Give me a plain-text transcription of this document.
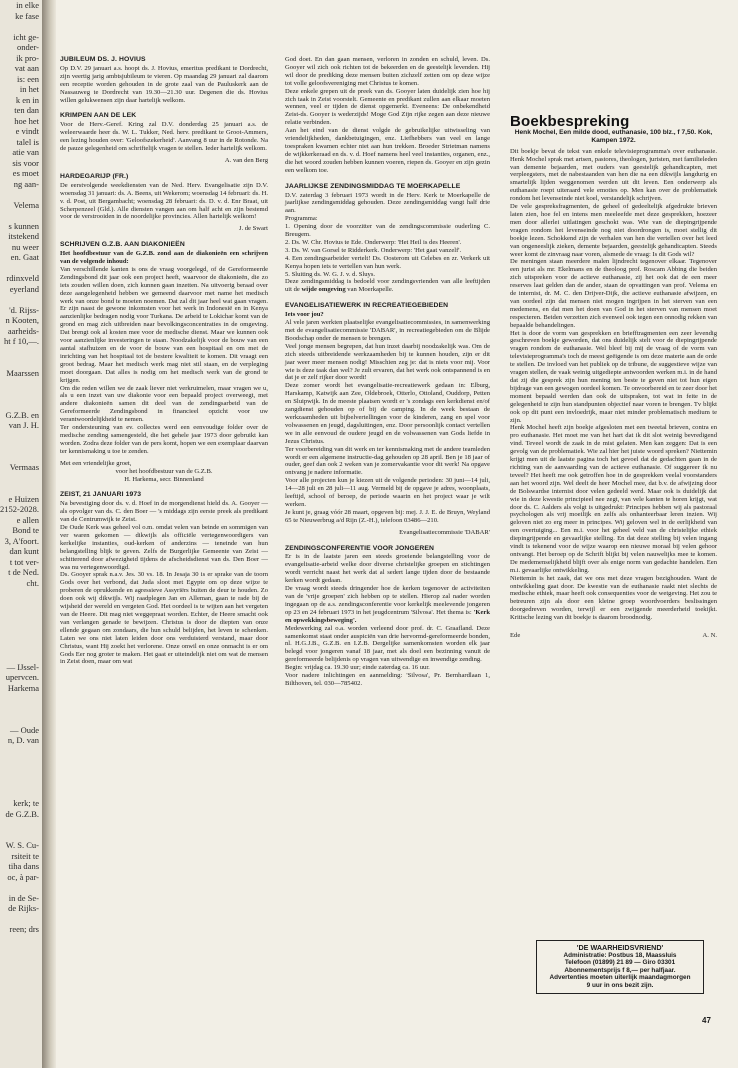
in elke
ke fase

icht ge-
onder-
ik pro-
vat aan
is: een
in het
k en in
ten dan
hoe het
e vindt
talel is
atie van
sis voor
es moet
ng aan-

Velema

s kunnen
itstekend
nu weer
en. Gaat

rdinxveld
eyerland

'd. Rijss-
n Kooten,
aarheids-
ht f 10,—.

Maarssen

G.Z.B. en
van J. H.

Vermaas

e Huizen
2152-2028.
e allen
Bond te
3, A'foort.
dan kunt
t tot ver-
t de Ned.
cht.

— IJssel-
upervcen.
Harkema

— Oude
n, D. van

kerk; te
de G.Z.B.

W. S. Cu-
rsiteit te
tiha dans
oc, à par-

in de Se-
de Rijks-

reen; drs
JUBILEUM DS. J. HOVIUS

Op D.V. 29 januari a.s. hoopt ds. J. Hovius, emeritus predikant te Dordrecht, zijn veertig jarig ambtsjubileum te vieren. Op maandag 29 januari zal daarom een receptie worden gehouden in de grote zaal van de Pauluskerk aan de Nassauweg te Dordrecht van 19.30—21.30 uur. Degenen die ds. Hovius willen gelukwensen zijn daar hartelijk welkom.

KRIMPEN AAN DE LEK

Voor de Herv.-Geref. Kring zal D.V. donderdag 25 januari a.s. de weleerwaarde heer ds. W. L. Tukker, Ned. herv. predikant te Groot-Ammers, een lezing houden over: 'Geloofszekerheid'. Aanvang 8 uur in de Rotonde. Na de pauze gelegenheid om schriftelijk vragen te stellen. Ieder hartelijk welkom.

A. van den Berg

HARDEGARIJP (FR.)

De eerstvolgende weekdiensten van de Ned. Herv. Evangelisatie zijn D.V. woensdag 31 januari: ds. A. Beens, uit Wekerom; woensdag 14 februari: ds. H. v. d. Post, uit Bergambacht; woensdag 28 februari: ds. D. v. d. Enr Braat, uit Scherpenzeel (Gld.). Alle diensten vangen aan om half acht en zijn bestemd voor de verstrooiden in de noordelijke provincies. Allen hartelijk welkom!

J. de Swart

SCHRIJVEN G.Z.B. AAN DIAKONIEËN

Het hoofdbestuur van de G.Z.B. zond aan de diakonieën een schrijven van de volgende inhoud:

Van verschillende kanten is ons de vraag voorgelegd, of de Gereformeerde Zendingsbond dit jaar ook een project heeft, waarvoor de diakonieën, die zo iets zouden willen doen, zich kunnen gaan inzetten. Na uitvoerig beraad over deze aangelegenheid hebben we gemeend daarvoor met name het medisch werk van onze bond te moeten noemen. Dat zal dit jaar heel wat gaan vragen. Er zijn naast de gewone inkomsten voor het werk in Indonesië en in Kenya aanzienlijke bedragen nodig voor Turkana. De arbeid te Lokichar komt van de grond en mag zich uitbreiden naar bevolkingsconcentraties in de omgeving. Dat brengt ook al kosten mee voor de medische dienst. Maar we kunnen ook voor aanzienlijke investeringen te staan. Noodzakelijk voor de bouw van een aantal stafhuizen en de voor de bouw van een hospitaal en om met de inrichting van het hospitaal tot de bestere kwaliteit te komen. Dit vraagt een groot bedrag. Maar het medisch werk mag niet stil staan, en de verpleging moet doorgaan. Dat alles is nodig om het medisch werk van de grond te krijgen.

Om die reden willen we de zaak liever niet verkruimelen, maar vragen we u, als u een inzet van uw diakonie voor een bepaald project overweegt, met andere diakonieën samen dit deel van de zendingsarbeid van de Gereformeerde Zendingsbond in financieel opzicht voor uw verantwoordelijkheid te nemen.

Ter ondersteuning van ev. collectes werd een eenvoudige folder over de medische zending samengesteld, die het gehele jaar 1973 door gebruikt kan worden. Zodra deze folder van de pers komt, hopen we een exemplaar daarvan ter kennismaking u toe te zenden.

Met een vriendelijke groet,

voor het hoofdbestuur van de G.Z.B.

H. Harkema, secr. Binnenland

ZEIST, 21 JANUARI 1973

Na bevestiging door ds. v. d. Hoef in de morgendienst hield ds. A. Gooyer — als opvolger van ds. C. den Boer — 's middags zijn eerste preek als predikant van de Centrumwijk te Zeist.

De Oude Kerk was geheel vol o.m. omdat velen van beinde en sommigen van ver waren gekomen — dikwijls als officiële vertegenwoordigers van kerkelijke instanties, oud-kerken of anderzins — teneinde van hun belangstelling blijk te geven. Zelfs de Burgerlijke Gemeente van Zeist — schitterend door afwezigheid tijdens de afscheidsdienst van ds. Den Boer — was nu vertegenwoordigd.

Ds. Gooyer sprak n.a.v. Jes. 30 vs. 18. In Jesaja 30 is er sprake van de toorn Gods over het verbond, dat Juda sloot met Egypte om op deze wijze te proberen de oprukkende en agressieve Assyriërs buiten de deur te houden. Zo doen ook wij dikwijls. Wij raadplegen Jan en Alleman, gaan te rade bij de wijsheid der wereld en vergeten God. Het oordeel is te wijten aan het vergeten van de Heere. Dit mag niet weggepraat worden. Echter, de Heere smacht ook van verlangen genade te bewijzen. Christus is door de diepten van onze ellende gegaan om zondaars, die hun schuld belijden, het leven te schenken. Laten we ons niet laten leiden door ons verduisterd verstand, maar door Christus, want Hij zoekt het verlorene. Onze onwil en onze onmacht is er om Gods Eer nog groter te maken. Het gaat er uiteindelijk niet om wat de mensen in Zeist doen, maar om wat

God doet. En dan gaan mensen, verloren in zonden en schuld, leven. Ds. Gooyer wil zich ook richten tot de bekeerden en de geestelijk levenden. Hij wil door de prediking deze mensen buiten zichzelf zetten om op deze wijze tot volle geloofsvereniging met Christus te komen.

Deze enkele grepen uit de preek van ds. Gooyer laten duidelijk zien hoe hij zich taak in Zeist voorstelt. Gemeente en predikant zullen aan elkaar moeten wennen, veel er tijden de dienst opgemerkt. Eveneens: De onbekendheid Zeist-ds. Gooyer is wederzijds! Moge God Zijn rijke zegen aan deze nieuwe relatie verbinden.

Aan het eind van de dienst volgde de gebruikelijke uitwisseling van vriendelijkheden, dankbetuigingen, enz. Liefhebbers van veel en lange toespraken kwamen echter niet aan hun trekken. Broeder Strietman namens de wijkkerkeraad en ds. v. d. Hoef namens heel veel instanties, organen, enz., die het woord zouden hebben kunnen voeren, riepen ds. Gooyer en zijn gezin een welkom toe.

JAARLIJKSE ZENDINGSMIDDAG TE MOERKAPELLE

D.V. zaterdag 3 februari 1973 wordt in de Herv. Kerk te Moerkapelle de jaarlijkse zendingsmiddag gehouden. Deze zendingsmiddag vangt half drie aan.

Programma:

1. Opening door de voorzitter van de zendingscommissie ouderling C. Breugem.

2. Ds. W. Chr. Hovius te Ede. Onderwerp: 'Het Heil is des Heeren'.

3. Ds. W. van Gorsel te Ridderkerk. Onderwerp: 'Het gaat vanzelf'.

4. Een zendingsarbeider vertelt! Ds. Oosterom uit Celebes en zr. Verkerk uit Kenya hopen iets te vertellen van hun werk.

5. Sluiting ds. W. G. J. v. d. Sluys.

Deze zendingsmiddag is bedoeld voor zendingsvrienden van alle leeftijden uit de wijde omgeving van Moerkapelle.

EVANGELISATIEWERK IN RECREATIEGEBIEDEN

Iets voor jou?

Al vele jaren werkten plaatselijke evangelisatiecommissies, in samenwerking met de evangelisatiecommissie 'DABAR', in recreatiegebieden om de Blijde Boodschap onder de mensen te brengen.

Veel jonge mensen begrepen, dat hun inzet daarbij noodzakelijk was. Om de zich steeds uitbreidende werkzaamheden bij te kunnen houden, zijn er dit jaar weer meer mensen nodig! Misschien zeg je: dat is niets voor mij. Voor wie is deze taak dan wel? Je zult ervaren, dat het werk ook ontspannend is en dat je er zelf rijker door wordt!

Deze zomer wordt het evangelisatie-recreatiewerk gedaan in: Elburg, Harskamp, Katwijk aan Zee, Oldebroek, Otterlo, Ottoland, Ouddorp, Petten en Sluipwijk. In de meeste plaatsen wordt er 's zondags een kerkdienst en/of zangdienst gehouden op of bij de camping. In de week bestaan de werkzaamheden uit bijbelvertellingen voor de kinderen, zang en spel voor volwassenen en jeugd, dagsluitingen, enz. Door persoonlijk contact vertellen we in alle eenvoud de oudere jeugd en de volwassenen van Gods liefde in Jezus Christus.

Ter voorbereiding van dit werk en ter kennismaking met de andere teamleden wordt er een algemene instructie-dag gehouden op 28 april. Ben je 18 jaar of ouder, geef dan ook 2 weken van je zomervakantie voor dit werk! Na opgave ontvang je nadere informatie.

Voor alle projecten kun je kiezen uit de volgende perioden: 30 juni—14 juli, 14—28 juli en 28 juli—11 aug. Vermeld bij de opgave je adres, woonplaats, leeftijd, school of beroep, de periode waarin en het project waar je wilt werken.

Je kunt je, graag vóór 28 maart, opgeven bij: mej. J. J. E. de Bruyn, Weyland 65 te Nieuwerbrug a/d Rijn (Z.-H.), telefoon 03486—210.

Evangelisatiecommissie 'DABAR'

ZENDINGSCONFERENTIE VOOR JONGEREN

Er is in de laatste jaren een steeds groeiende belangstelling voor de evangelisatie-arbeid welke door diverse christelijke groepen en stichtingen wordt verricht naast het werk dat al sedert lange tijden door de bestaande kerken wordt gedaan.

De vraag wordt steeds dringender hoe de kerken tegenover de activiteiten van de 'vrije groepen' zich hebben op te stellen. Hierop zal nader worden ingegaan op de a.s. zendingsconferentie voor kerkelijk meelevende jongeren op 23 en 24 februari 1973 in het jeugdcentrum 'Silvosa'. Het thema is: 'Kerk en opwekkingsbeweging'.

Medewerking zal o.a. worden verleend door prof. dr. C. Graafland. Deze samenkomst staat onder auspiciën van drie hervormd-gereformeerde bonden, nl. H.G.J.B., G.Z.B. en I.Z.B. Dergelijke samenkomsten worden elk jaar belegd voor jongeren vanaf 18 jaar, met als doel een bezinning vanuit de gereformeerde belijdenis op vragen van uitwendige en inwendige zending.

Begin: vrijdag ca. 19.30 uur; einde zaterdag ca. 16 uur.

Voor nadere inlichtingen en aanmelding: 'Silvosa', Pr. Bernhardlaan 1, Bilthoven, tel. 030—785402.

Boekbespreking

Henk Mochel, Een milde dood, euthanasie, 100 blz., f 7,50. Kok, Kampen 1972.

Dit boekje bevat de tekst van enkele televisieprogramma's over euthanasie. Henk Mochel sprak met artsen, pastores, theologen, juristen, met familieleden van demente bejaarden, met ouders van geestelijk gehandicapten, met verpleegsters, met de nabestaanden van hen die na een dikwijls langdurig en smartelijk lijden weggenomen werden uit dit leven. Een onderwerp als euthanasie roept uiteraard vele emoties op. Men kan over de problematiek rondom het levenseinde niet koel, verstandelijk schrijven.

De vele gespreksfragmenten, de geheel of gedeeltelijk afgedrukte brieven laten zien, hoe fel en intens men meeleefde met deze gesprekken, hoezeer men door allerlei uitlatingen geschokt was. Wie van de diepingrijpende vragen rondom het levenseinde nog niet doordrongen is, moet stellig dit boekje lezen. Schokkend zijn de verhalen van hen die vertellen over het leed van ongeneeslijk zieken, demente bejaarden, geestelijk gehandicapten. Steeds weer komt de zinvraag naar voren, alsmede de vraag: Is dit Gods wil?

De meningen staan meerdere malen lijndrecht tegenover elkaar. Tegenover een jurist als mr. Ekelmans en de theoloog prof. Roscam Abbing die beiden zich uitspreken voor de actieve euthanasie, zij het ook dat de een meer reserves laat gelden dan de ander, staan de opvattingen van prof. Velema en de internist, dr. M. C. den Drijver-Dijk, die actieve euthanasie afwijzen, en van oordeel zijn dat mensen niet mogen ingrijpen in het sterven van een medemens, en dat men het doen van God in het sterven van mensen moet respecteren. Beiden verzetten zich evenwel ook tegen een onnodig rekken van bepaalde behandelingen.

Het is door de vorm van gesprekken en briefftragmenten een zeer levendig geschreven boekje geworden, dat ons duidelijk stelt voor de diepingrijpende vragen rondom de euthanasie. Wel bleef bij mij de vraag of de vorm van televisieprogramma's toch de meest geëigende is om deze materie aan de orde te stellen. De invloed van het publiek op de tribune, de suggestieve wijze van vragen stellen, de vaak weinig uitgediepte antwoorden werken m.i. in de hand dat zij die gesprek zijn hun mening ten beste te geven niet tot hun eigen bijdrage van een gewogen oordeel komen. Te onvoorbereid en te zeer door het moment bepaald werden dan ook de uitspraken, tot wat in feite in de gelegenheid te zijn hun standpunten objectief naar voren te brengen. Tv blijkt ook op dit punt een invloedrijk, maar niet minder problematisch medium te zijn.

Henk Mochel heeft zijn boekje afgesloten met een tweetal brieven, contra en pro euthanasie. Het moet me van het hart dat ik dit slot weinig bevredigend vind. Teveel wordt de zaak in de mist gelaten. Men kan zeggen: Dat is een gevolg van de problematiek. Wie zal hier het juiste woord spreken? Niettemin krijgt men uit de laatste pagina toch het gevoel dat de gedachten gaan in de richting van de aanvaarding van de actieve euthanasie. Of suggereer ik nu teveel? Het heeft me ook getroffen hoe in de gesprekken veelal voorstanders aan het woord zijn. Wel deelt de heer Mochel mee, dat b.v. de afwijzing door de Bolswardse internist door velen gedeeld werd. Maar ook is duidelijk dat wie in deze kwestie principieel nee zegt, van vele kanten te horen krijgt, wat door ds. C. Aalders als volgt is uitgedrukt: Principes hebben wij als pastoraal psychologen als vrij moeilijk en zelfs als onhanteerbaar leren inzien. Wij geloven niet zo erg meer in principes. Wij geloven wel in de eerlijkheid van een overtuiging... Een m.i. voor het geheel veld van de christelijke ethiek diepingrijpende en gevaarlijke stelling. En dat deze stelling bij velen ingang vindt is tekenend voor de wijze waarop een nieuwe moraal bij velen gehoor ontvangt. Het beroep op de Schrift blijkt bij velen nauwelijks mee te komen. De medemenselijkheid blijft over als enige norm van gedachte handelen. Een m.i. gevaarlijke ontwikkeling.

Niettemin is het zaak, dat we ons met deze vragen bezighouden. Want de ontwikkeling gaat door. De kwestie van de euthanasie raakt niet slechts de medische ethiek, maar heeft ook consequenties voor de wetgeving. Het zou te betreuren zijn als door een kleine groep woordvoerders beslissingen doorgedreven worden, terwijl er een zwijgende meerderheid toekijkt. Kritische lezing van dit boekje is daarom broodnodig.

Ede	A. N.

'DE WAARHEIDSVRIEND'
Administratie: Postbus 18, Maassluis
Telefoon (01899) 21 89 — Giro 03301
Abonnementsprijs f 8,— per halfjaar.
Advertenties moeten uiterlijk maandagmorgen
9 uur in ons bezit zijn.
47
